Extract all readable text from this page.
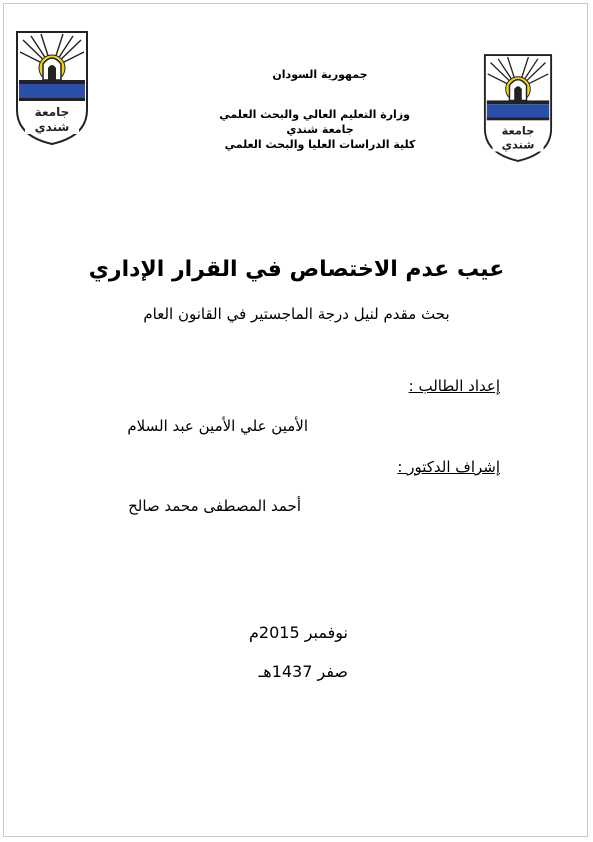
جامعة
شندي	جامعة
شندي
جمهورية السودان
وزارة التعليم العالي والبحث العلمي
جامعة شندي
كلية الدراسات العليا والبحث العلمي
عيب عدم الاختصاص في القرار الإداري
بحث مقدم لنيل درجة الماجستير في القانون العام
إعداد الطالب :
الأمين علي الأمين عبد السلام
إشراف الدكتور :
أحمد المصطفى محمد صالح
نوفمبر 2015م
صفر 1437هـ
